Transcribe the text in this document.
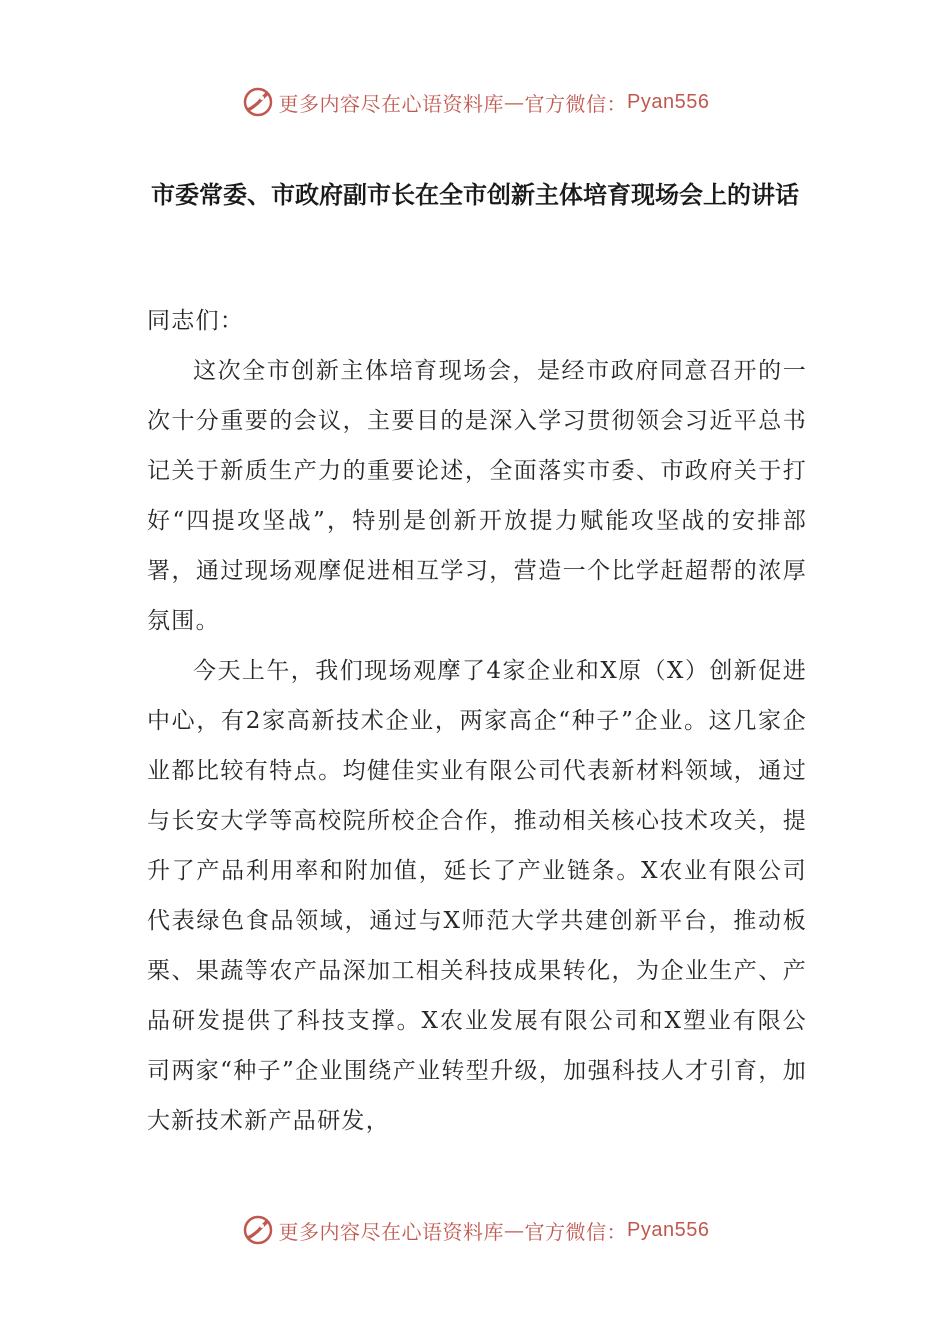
更多内容尽在心语资料库 — 官方微信： Pyan556
市委常委、市政府副市长在全市创新主体培育现场会上的讲话

同志们：

这次全市创新主体培育现场会，是经市政府同意召开的一次十分重要的会议，主要目的是深入学习贯彻领会习近平总书记关于新质生产力的重要论述，全面落实市委、市政府关于打好“四提攻坚战”，特别是创新开放提力赋能攻坚战的安排部署，通过现场观摩促进相互学习，营造一个比学赶超帮的浓厚氛围。

今天上午，我们现场观摩了4家企业和X原（X）创新促进中心，有2家高新技术企业，两家高企“种子”企业。这几家企业都比较有特点。均健佳实业有限公司代表新材料领域，通过与长安大学等高校院所校企合作，推动相关核心技术攻关，提升了产品利用率和附加值，延长了产业链条。X农业有限公司代表绿色食品领域，通过与X师范大学共建创新平台，推动板栗、果蔬等农产品深加工相关科技成果转化，为企业生产、产品研发提供了科技支撑。X农业发展有限公司和X塑业有限公司两家“种子”企业围绕产业转型升级，加强科技人才引育，加大新技术新产品研发，

更多内容尽在心语资料库 — 官方微信： Pyan556
